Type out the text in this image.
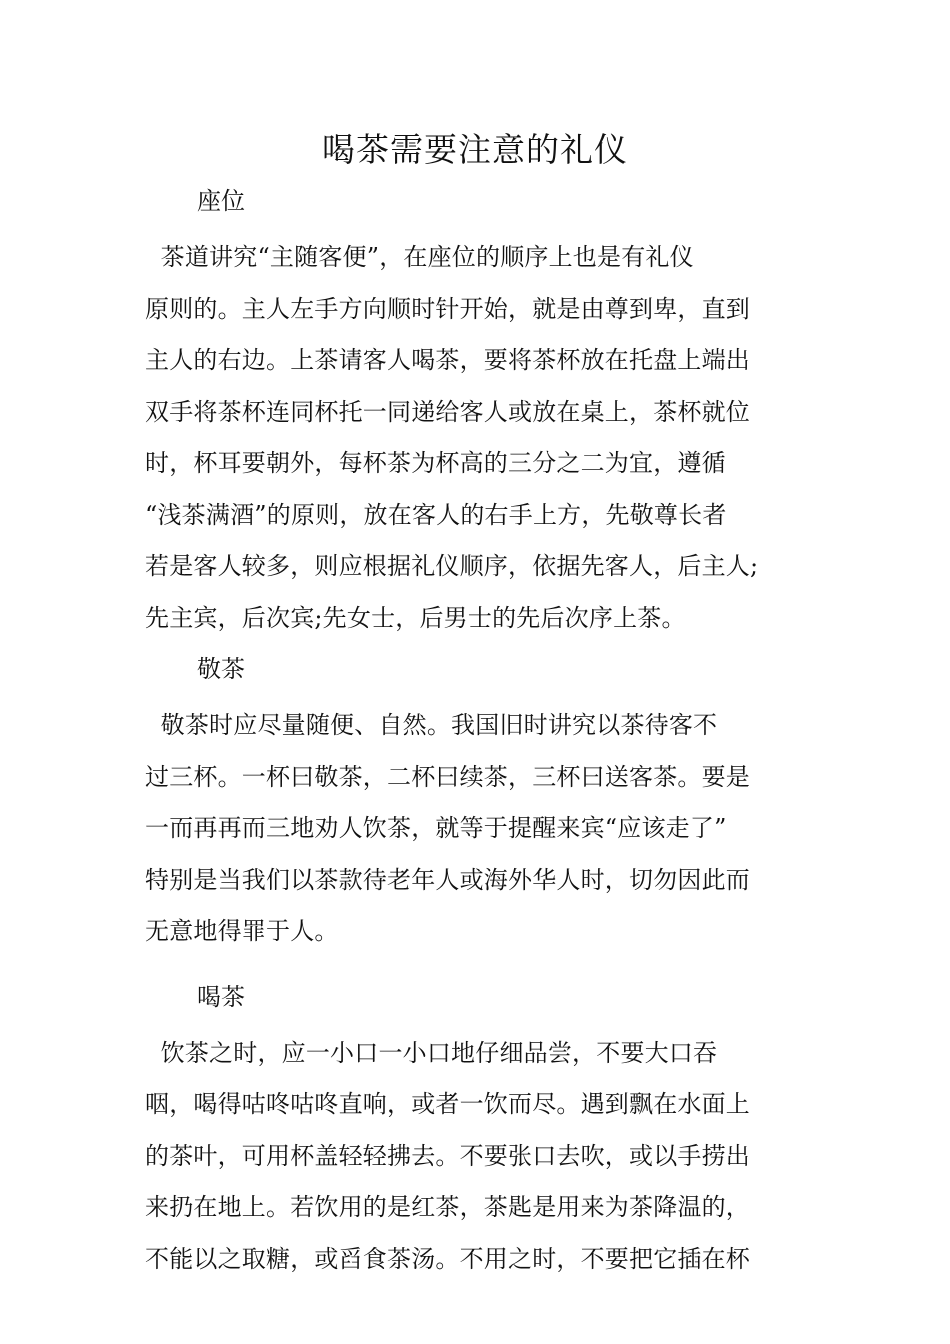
喝茶需要注意的礼仪
座位
茶道讲究“主随客便”，在座位的顺序上也是有礼仪
原则的。主人左手方向顺时针开始，就是由尊到卑，直到
主人的右边。上茶请客人喝茶，要将茶杯放在托盘上端出
双手将茶杯连同杯托一同递给客人或放在桌上，茶杯就位
时，杯耳要朝外，每杯茶为杯高的三分之二为宜，遵循
“浅茶满酒”的原则，放在客人的右手上方，先敬尊长者
若是客人较多，则应根据礼仪顺序，依据先客人，后主人;
先主宾，后次宾;先女士，后男士的先后次序上茶。
敬茶
敬茶时应尽量随便、自然。我国旧时讲究以茶待客不
过三杯。一杯曰敬茶，二杯曰续茶，三杯曰送客茶。要是
一而再再而三地劝人饮茶，就等于提醒来宾“应该走了”
特别是当我们以茶款待老年人或海外华人时，切勿因此而
无意地得罪于人。
喝茶
饮茶之时，应一小口一小口地仔细品尝，不要大口吞
咽，喝得咕咚咕咚直响，或者一饮而尽。遇到飘在水面上
的茶叶，可用杯盖轻轻拂去。不要张口去吹，或以手捞出
来扔在地上。若饮用的是红茶，茶匙是用来为茶降温的，
不能以之取糖，或舀食茶汤。不用之时，不要把它插在杯
